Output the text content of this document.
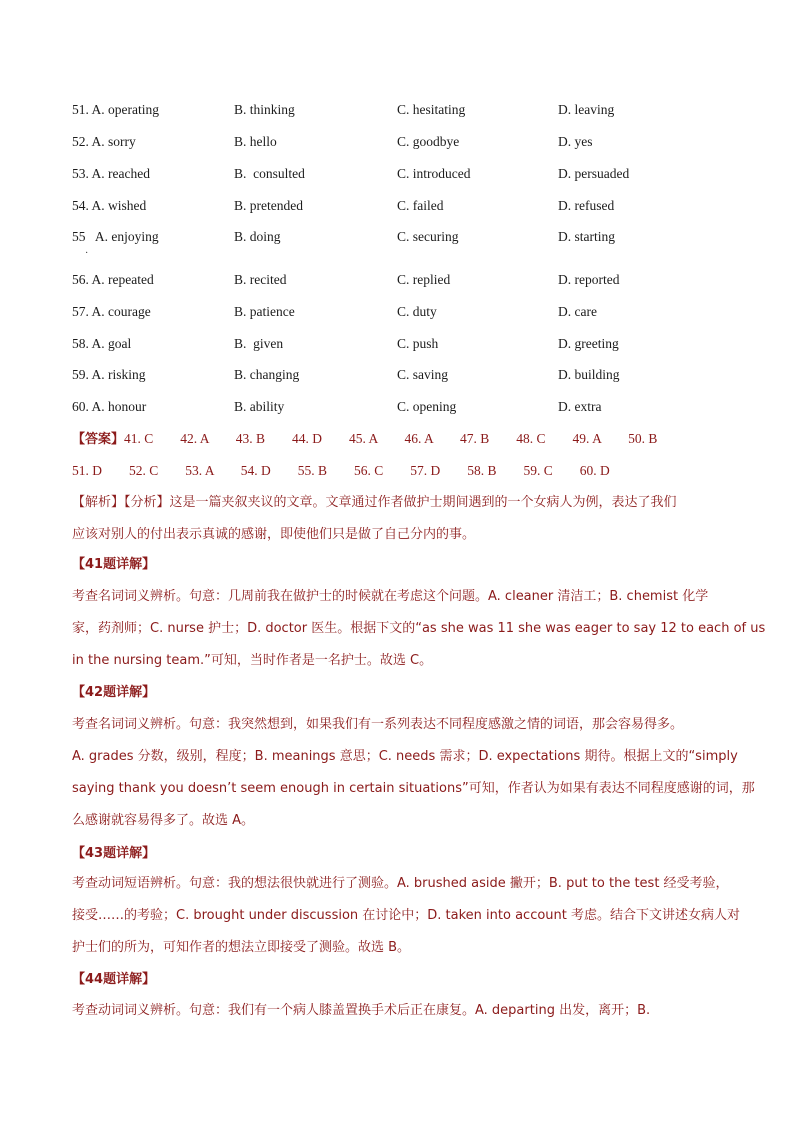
51. A. operating	B. thinking	C. hesitating	D. leaving
52. A. sorry	B. hello	C. goodbye	D. yes
53. A. reached	B.  consulted	C. introduced	D. persuaded
54. A. wished	B. pretended	C. failed	D. refused
55   A. enjoying	B. doing	C. securing	D. starting
·
56. A. repeated	B. recited	C. replied	D. reported
57. A. courage	B. patience	C. duty	D. care
58. A. goal	B.  given	C. push	D. greeting
59. A. risking	B. changing	C. saving	D. building
60. A. honour	B. ability	C. opening	D. extra
【答案】41. C        42. A        43. B        44. D        45. A        46. A        47. B        48. C        49. A        50. B
51. D        52. C        53. A        54. D        55. B        56. C        57. D        58. B        59. C        60. D
【解析】【分析】这是一篇夹叙夹议的文章。文章通过作者做护士期间遇到的一个女病人为例，表达了我们
应该对别人的付出表示真诚的感谢，即使他们只是做了自己分内的事。
【41题详解】
考查名词词义辨析。句意：几周前我在做护士的时候就在考虑这个问题。A. cleaner 清洁工；B. chemist 化学
家，药剂师；C. nurse 护士；D. doctor 医生。根据下文的“as she was 11 she was eager to say 12 to each of us
in the nursing team.”可知，当时作者是一名护士。故选 C。
【42题详解】
考查名词词义辨析。句意：我突然想到，如果我们有一系列表达不同程度感激之情的词语，那会容易得多。
A. grades 分数，级别，程度；B. meanings 意思；C. needs 需求；D. expectations 期待。根据上文的“simply
saying thank you doesn’t seem enough in certain situations”可知，作者认为如果有表达不同程度感谢的词，那
么感谢就容易得多了。故选 A。
【43题详解】
考查动词短语辨析。句意：我的想法很快就进行了测验。A. brushed aside 撇开；B. put to the test 经受考验，
接受……的考验；C. brought under discussion 在讨论中；D. taken into account 考虑。结合下文讲述女病人对
护士们的所为，可知作者的想法立即接受了测验。故选 B。
【44题详解】
考查动词词义辨析。句意：我们有一个病人膝盖置换手术后正在康复。A. departing 出发，离开；B.
